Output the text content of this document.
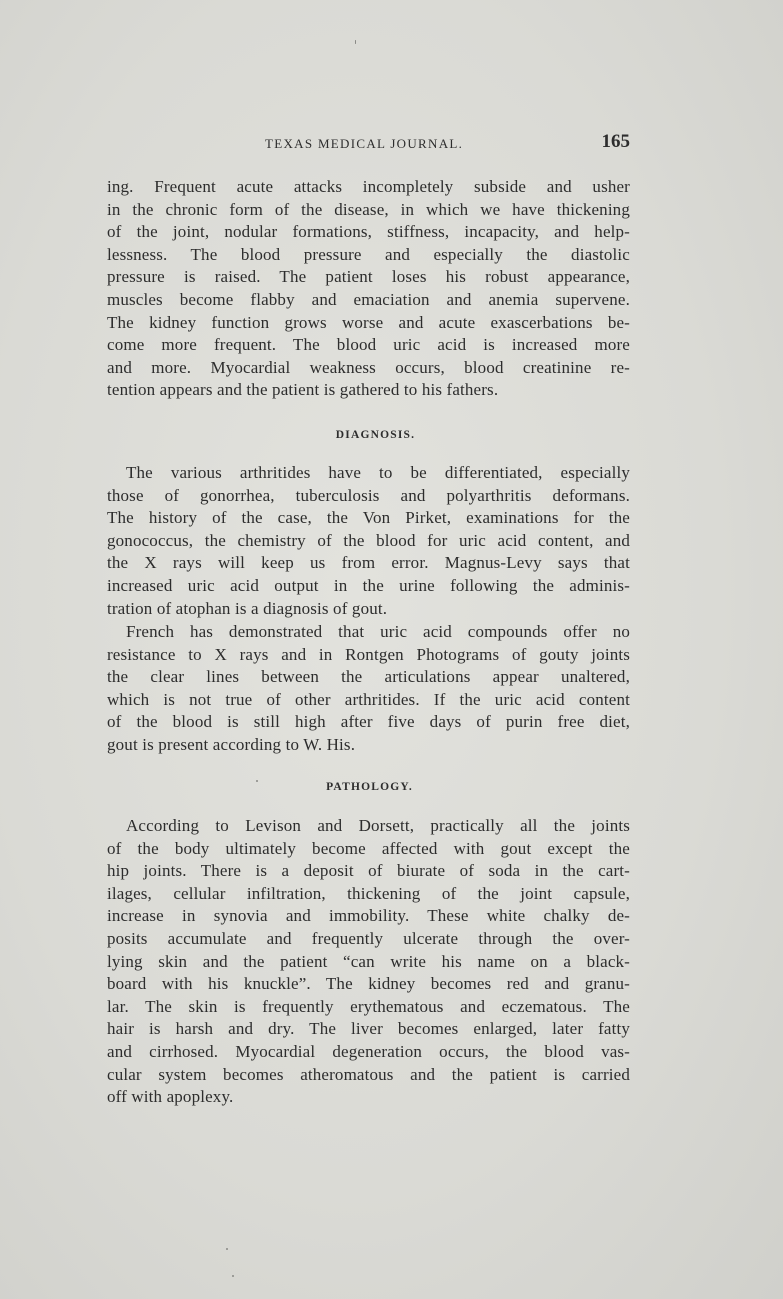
TEXAS MEDICAL JOURNAL.	165
ing. Frequent acute attacks incompletely subside and usher
in the chronic form of the disease, in which we have thickening
of the joint, nodular formations, stiffness, incapacity, and help-
lessness. The blood pressure and especially the diastolic
pressure is raised. The patient loses his robust appearance,
muscles become flabby and emaciation and anemia supervene.
The kidney function grows worse and acute exascerbations be-
come more frequent. The blood uric acid is increased more
and more. Myocardial weakness occurs, blood creatinine re-
tention appears and the patient is gathered to his fathers.
DIAGNOSIS.
The various arthritides have to be differentiated, especially
those of gonorrhea, tuberculosis and polyarthritis deformans.
The history of the case, the Von Pirket, examinations for the
gonococcus, the chemistry of the blood for uric acid content, and
the X rays will keep us from error. Magnus-Levy says that
increased uric acid output in the urine following the adminis-
tration of atophan is a diagnosis of gout.
French has demonstrated that uric acid compounds offer no
resistance to X rays and in Rontgen Photograms of gouty joints
the clear lines between the articulations appear unaltered,
which is not true of other arthritides. If the uric acid content
of the blood is still high after five days of purin free diet,
gout is present according to W. His.
PATHOLOGY.
According to Levison and Dorsett, practically all the joints
of the body ultimately become affected with gout except the
hip joints. There is a deposit of biurate of soda in the cart-
ilages, cellular infiltration, thickening of the joint capsule,
increase in synovia and immobility. These white chalky de-
posits accumulate and frequently ulcerate through the over-
lying skin and the patient “can write his name on a black-
board with his knuckle”. The kidney becomes red and granu-
lar. The skin is frequently erythematous and eczematous. The
hair is harsh and dry. The liver becomes enlarged, later fatty
and cirrhosed. Myocardial degeneration occurs, the blood vas-
cular system becomes atheromatous and the patient is carried
off with apoplexy.
